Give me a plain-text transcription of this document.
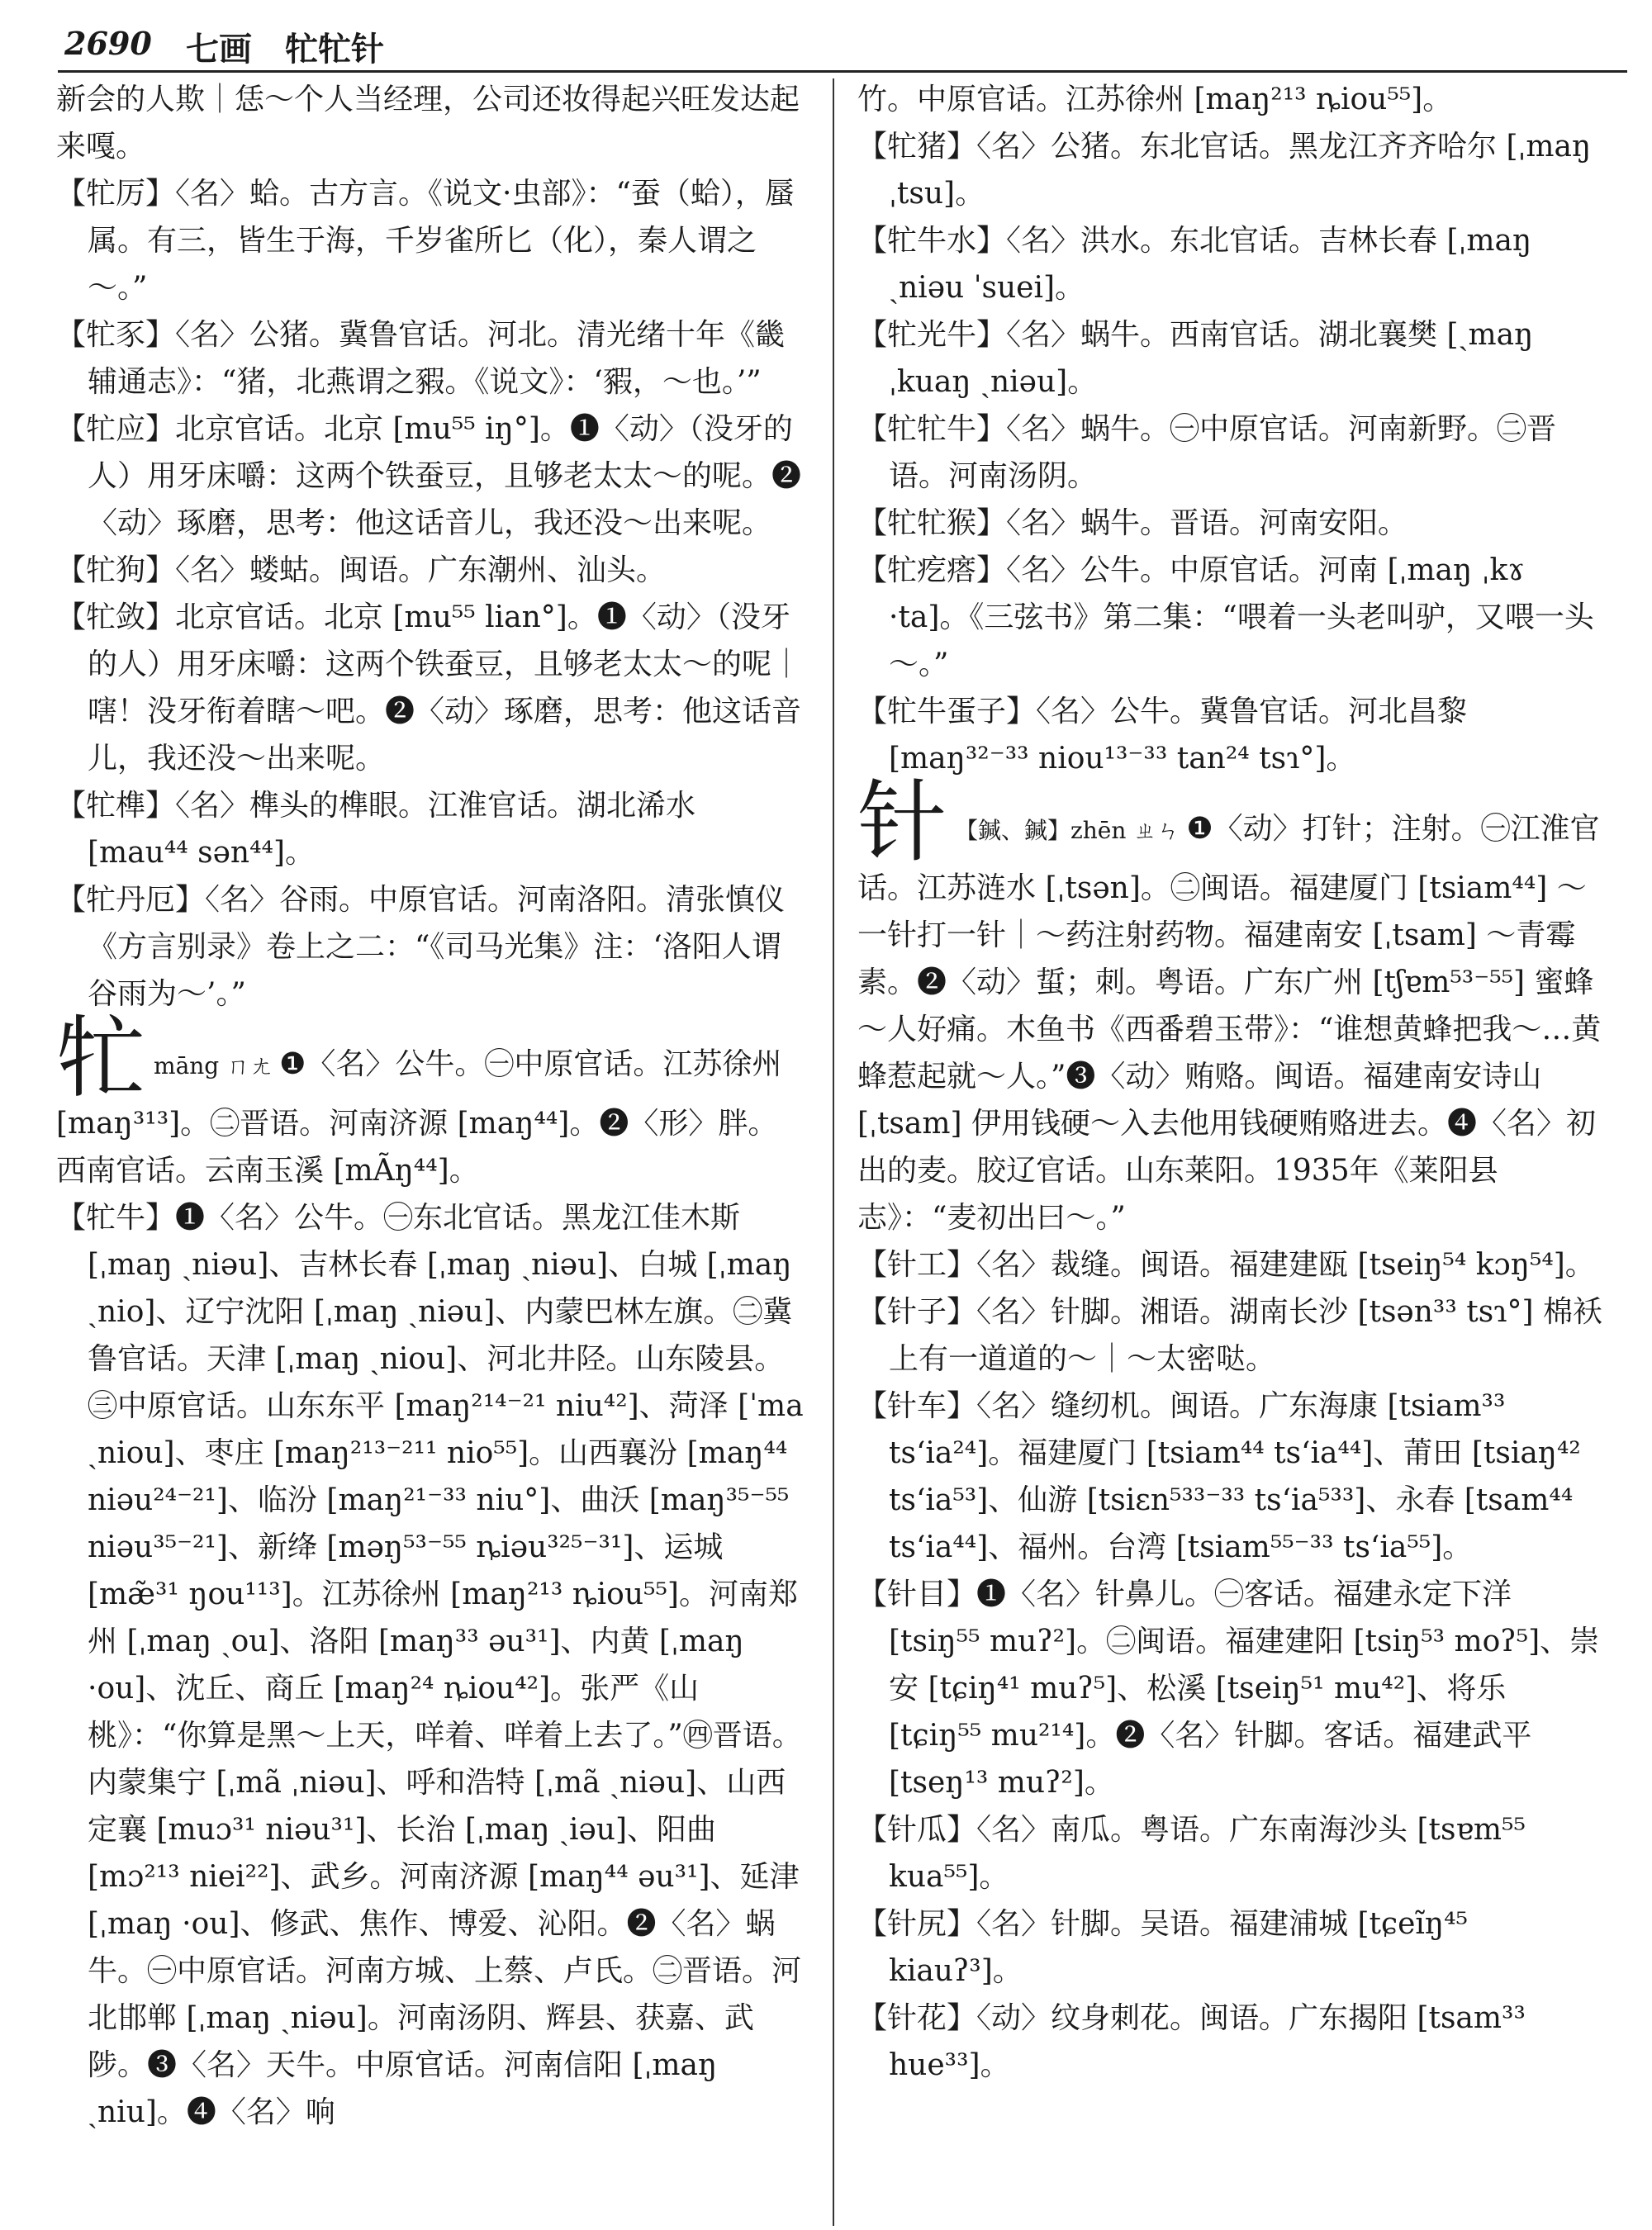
2690 七画 牤牤针

新会的人欺｜恁～个人当经理，公司还妆得起兴旺发达起来嘎。

【牤厉】〈名〉蛤。古方言。《说文·虫部》：“蚕（蛤），蜃属。有三，皆生于海，千岁雀所匕（化），秦人谓之～。”

【牤豕】〈名〉公猪。冀鲁官话。河北。清光绪十年《畿辅通志》：“猪，北燕谓之豭。《说文》：‘豭，～也。’”

【牤应】北京官话。北京 [mu⁵⁵ iŋ°]。❶〈动〉（没牙的人）用牙床嚼：这两个铁蚕豆，且够老太太～的呢。❷〈动〉琢磨，思考：他这话音儿，我还没～出来呢。

【牤狗】〈名〉蝼蛄。闽语。广东潮州、汕头。

【牤敛】北京官话。北京 [mu⁵⁵ lian°]。❶〈动〉（没牙的人）用牙床嚼：这两个铁蚕豆，且够老太太～的呢｜嗐！没牙衔着瞎～吧。❷〈动〉琢磨，思考：他这话音儿，我还没～出来呢。

【牤榫】〈名〉榫头的榫眼。江淮官话。湖北浠水 [mau⁴⁴ sən⁴⁴]。

【牤丹厄】〈名〉谷雨。中原官话。河南洛阳。清张慎仪《方言别录》卷上之二：“《司马光集》注：‘洛阳人谓谷雨为～’。”

牤māng ㄇㄤ ❶〈名〉公牛。㊀中原官话。江苏徐州 [maŋ³¹³]。㊁晋语。河南济源 [maŋ⁴⁴]。❷〈形〉胖。西南官话。云南玉溪 [mÃŋ⁴⁴]。

【牤牛】❶〈名〉公牛。㊀东北官话。黑龙江佳木斯 [ˌmaŋ ˏniəu]、吉林长春 [ˌmaŋ ˏniəu]、白城 [ˌmaŋ ˏnio]、辽宁沈阳 [ˌmaŋ ˏniəu]、内蒙巴林左旗。㊁冀鲁官话。天津 [ˌmaŋ ˏniou]、河北井陉。山东陵县。㊂中原官话。山东东平 [maŋ²¹⁴⁻²¹ niu⁴²]、菏泽 [ˈma ˏniou]、枣庄 [maŋ²¹³⁻²¹¹ nio⁵⁵]。山西襄汾 [maŋ⁴⁴ niəu²⁴⁻²¹]、临汾 [maŋ²¹⁻³³ niu°]、曲沃 [maŋ³⁵⁻⁵⁵ niəu³⁵⁻²¹]、新绛 [məŋ⁵³⁻⁵⁵ ȵiəu³²⁵⁻³¹]、运城 [mæ̃³¹ ŋou¹¹³]。江苏徐州 [maŋ²¹³ ȵiou⁵⁵]。河南郑州 [ˌmaŋ ˏou]、洛阳 [maŋ³³ əu³¹]、内黄 [ˌmaŋ ·ou]、沈丘、商丘 [maŋ²⁴ ȵiou⁴²]。张严《山桃》：“你算是黑～上天，咩着、咩着上去了。”㊃晋语。内蒙集宁 [ˌmã ˌniəu]、呼和浩特 [ˌmã ˏniəu]、山西定襄 [muɔ³¹ niəu³¹]、长治 [ˌmaŋ ˏiəu]、阳曲 [mɔ²¹³ niei²²]、武乡。河南济源 [maŋ⁴⁴ əu³¹]、延津 [ˌmaŋ ·ou]、修武、焦作、博爱、沁阳。❷〈名〉蜗牛。㊀中原官话。河南方城、上蔡、卢氏。㊁晋语。河北邯郸 [ˌmaŋ ˏniəu]。河南汤阴、辉县、获嘉、武陟。❸〈名〉天牛。中原官话。河南信阳 [ˌmaŋ ˏniu]。❹〈名〉响

竹。中原官话。江苏徐州 [maŋ²¹³ ȵiou⁵⁵]。

【牤猪】〈名〉公猪。东北官话。黑龙江齐齐哈尔 [ˌmaŋ ˌtsu]。

【牤牛水】〈名〉洪水。东北官话。吉林长春 [ˌmaŋ ˏniəu ˈsuei]。

【牤光牛】〈名〉蜗牛。西南官话。湖北襄樊 [ˏmaŋ ˌkuaŋ ˏniəu]。

【牤牤牛】〈名〉蜗牛。㊀中原官话。河南新野。㊁晋语。河南汤阴。

【牤牤猴】〈名〉蜗牛。晋语。河南安阳。

【牤疙瘩】〈名〉公牛。中原官话。河南 [ˌmaŋ ˌkɤ ·ta]。《三弦书》第二集：“喂着一头老叫驴，又喂一头～。”

【牤牛蛋子】〈名〉公牛。冀鲁官话。河北昌黎 [maŋ³²⁻³³ niou¹³⁻³³ tan²⁴ tsɿ°]。

针 【鍼、鍼】zhēn ㄓㄣ ❶〈动〉打针；注射。㊀江淮官话。江苏涟水 [ˌtsən]。㊁闽语。福建厦门 [tsiam⁴⁴] ～一针打一针｜～药注射药物。福建南安 [ˌtsam] ～青霉素。❷〈动〉蜇；刺。粤语。广东广州 [tʃɐm⁵³⁻⁵⁵] 蜜蜂～人好痛。木鱼书《西番碧玉带》：“谁想黄蜂把我～…黄蜂惹起就～人。”❸〈动〉贿赂。闽语。福建南安诗山 [ˌtsam] 伊用钱硬～入去他用钱硬贿赂进去。❹〈名〉初出的麦。胶辽官话。山东莱阳。1935年《莱阳县志》：“麦初出曰～。”

【针工】〈名〉裁缝。闽语。福建建瓯 [tseiŋ⁵⁴ kɔŋ⁵⁴]。

【针子】〈名〉针脚。湘语。湖南长沙 [tsən³³ tsɿ°] 棉袄上有一道道的～｜～太密哒。

【针车】〈名〉缝纫机。闽语。广东海康 [tsiam³³ tsʻia²⁴]。福建厦门 [tsiam⁴⁴ tsʻia⁴⁴]、莆田 [tsiaŋ⁴² tsʻia⁵³]、仙游 [tsiɛn⁵³³⁻³³ tsʻia⁵³³]、永春 [tsam⁴⁴ tsʻia⁴⁴]、福州。台湾 [tsiam⁵⁵⁻³³ tsʻia⁵⁵]。

【针目】❶〈名〉针鼻儿。㊀客话。福建永定下洋 [tsiŋ⁵⁵ muʔ²]。㊁闽语。福建建阳 [tsiŋ⁵³ moʔ⁵]、崇安 [tɕiŋ⁴¹ muʔ⁵]、松溪 [tseiŋ⁵¹ mu⁴²]、将乐 [tɕiŋ⁵⁵ mu²¹⁴]。❷〈名〉针脚。客话。福建武平 [tseŋ¹³ muʔ²]。

【针瓜】〈名〉南瓜。粤语。广东南海沙头 [tsɐm⁵⁵ kua⁵⁵]。

【针尻】〈名〉针脚。吴语。福建浦城 [tɕeĩŋ⁴⁵ kiauʔ³]。

【针花】〈动〉纹身刺花。闽语。广东揭阳 [tsam³³ hue³³]。
